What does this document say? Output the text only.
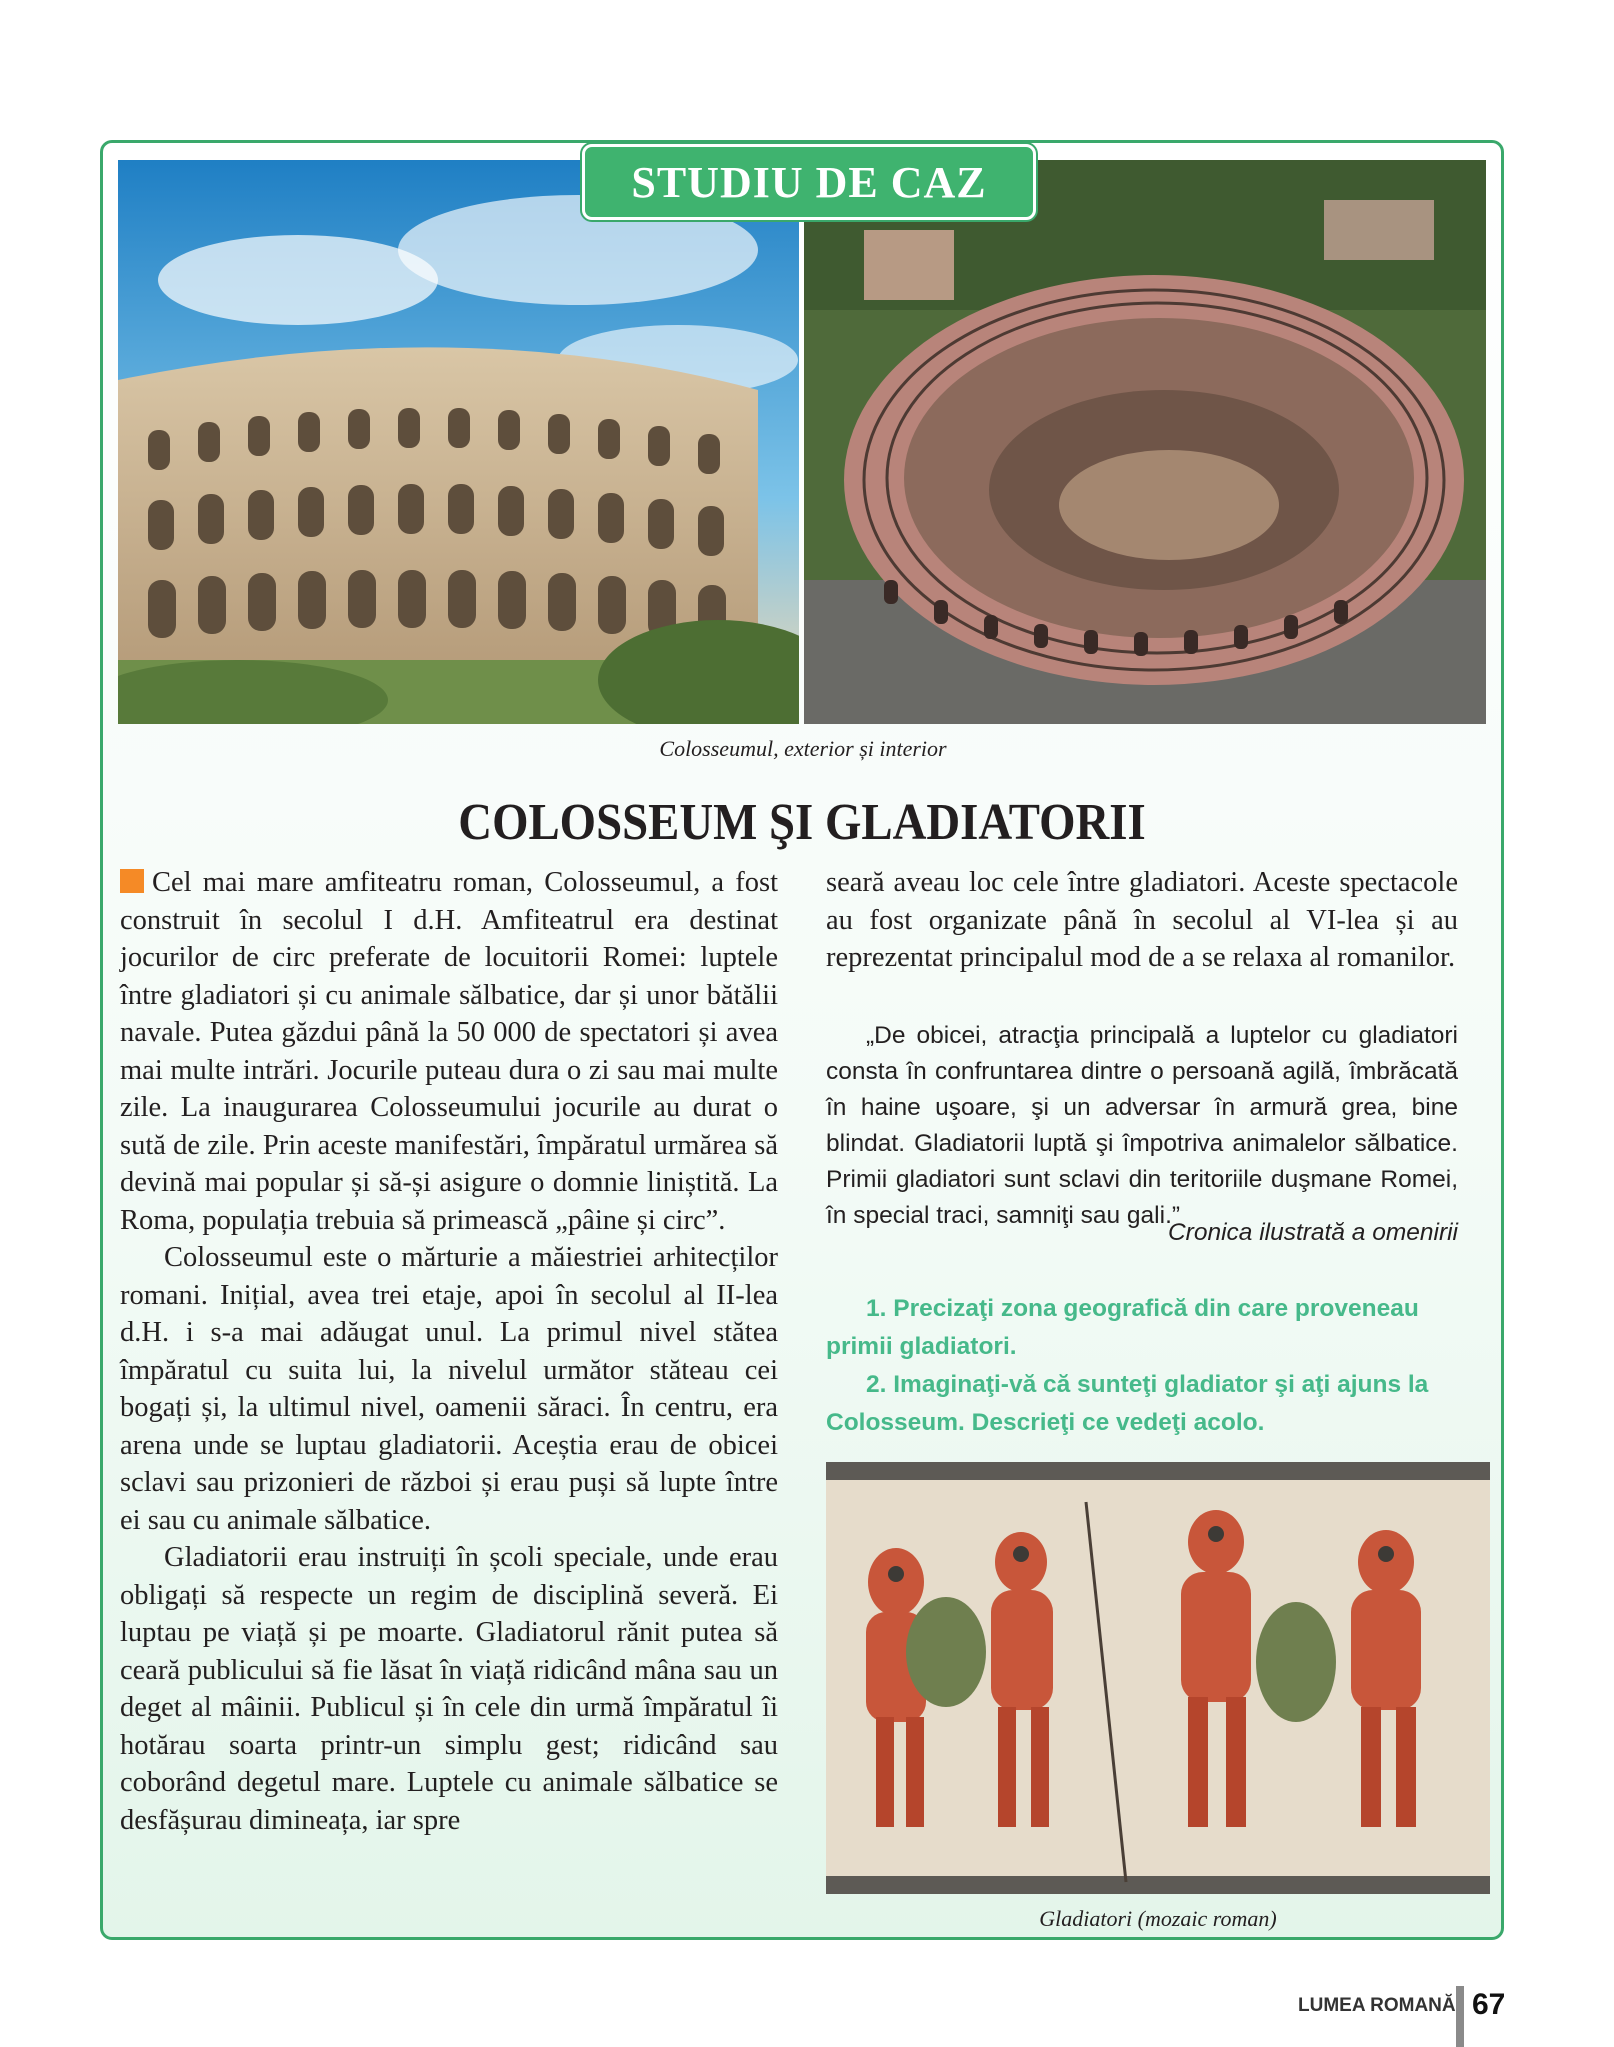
STUDIU DE CAZ
Colosseumul, exterior și interior
COLOSSEUM ŞI GLADIATORII

Cel mai mare amfiteatru roman, Colosseumul, a fost construit în secolul I d.H. Amfiteatrul era destinat jocurilor de circ preferate de locuitorii Romei: luptele între gladiatori și cu animale sălbatice, dar și unor bătălii navale. Putea găzdui până la 50 000 de spectatori și avea mai multe intrări. Jocurile puteau dura o zi sau mai multe zile. La inaugurarea Colosseumului jocurile au durat o sută de zile. Prin aceste manifestări, împăratul urmărea să devină mai popular și să-și asigure o domnie liniștită. La Roma, populația trebuia să primească „pâine și circ”.

Colosseumul este o mărturie a măiestriei arhitecților romani. Inițial, avea trei etaje, apoi în secolul al II-lea d.H. i s-a mai adăugat unul. La primul nivel stătea împăratul cu suita lui, la nivelul următor stăteau cei bogați și, la ultimul nivel, oamenii săraci. În centru, era arena unde se luptau gladiatorii. Aceștia erau de obicei sclavi sau prizonieri de război și erau puși să lupte între ei sau cu animale sălbatice.

Gladiatorii erau instruiți în școli speciale, unde erau obligați să respecte un regim de disciplină severă. Ei luptau pe viață și pe moarte. Gladiatorul rănit putea să ceară publicului să fie lăsat în viață ridicând mâna sau un deget al mâinii. Publicul și în cele din urmă împăratul îi hotărau soarta printr-un simplu gest; ridicând sau coborând degetul mare. Luptele cu animale sălbatice se desfășurau dimineața, iar spre

seară aveau loc cele între gladiatori. Aceste spectacole au fost organizate până în secolul al VI-lea și au reprezentat principalul mod de a se relaxa al romanilor.

„De obicei, atracţia principală a luptelor cu gladiatori consta în confruntarea dintre o persoană agilă, îmbrăcată în haine uşoare, şi un adversar în armură grea, bine blindat. Gladiatorii luptă şi împotriva animalelor sălbatice. Primii gladiatori sunt sclavi din teritoriile duşmane Romei, în special traci, samniţi sau gali.”

Cronica ilustrată a omenirii

1. Precizaţi zona geografică din care proveneau primii gladiatori.

2. Imaginaţi-vă că sunteţi gladiator şi aţi ajuns la Colosseum. Descrieţi ce vedeţi acolo.

Gladiatori (mozaic roman)
LUMEA ROMANĂ 67
